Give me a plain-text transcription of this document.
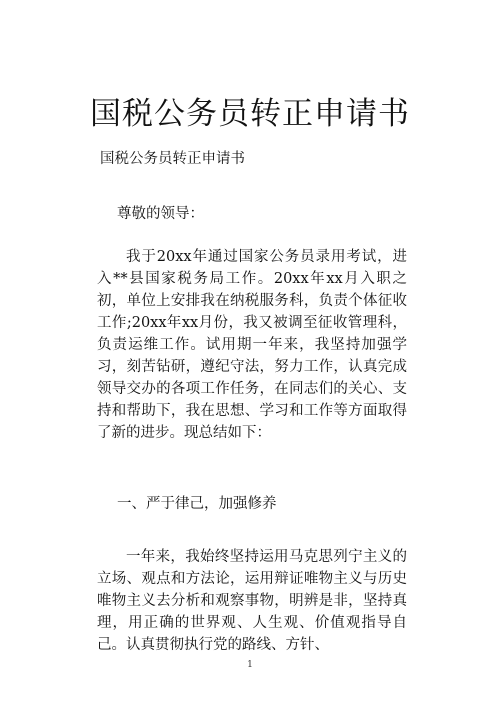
国税公务员转正申请书

国税公务员转正申请书

尊敬的领导：

我于20xx年通过国家公务员录用考试，进入**县国家税务局工作。20xx年xx月入职之初，单位上安排我在纳税服务科，负责个体征收工作;20xx年xx月份，我又被调至征收管理科，负责运维工作。试用期一年来，我坚持加强学习，刻苦钻研，遵纪守法，努力工作，认真完成领导交办的各项工作任务，在同志们的关心、支持和帮助下，我在思想、学习和工作等方面取得了新的进步。现总结如下：

一、严于律己，加强修养

一年来，我始终坚持运用马克思列宁主义的立场、观点和方法论，运用辩证唯物主义与历史唯物主义去分析和观察事物，明辨是非，坚持真理，用正确的世界观、人生观、价值观指导自己。认真贯彻执行党的路线、方针、

1
